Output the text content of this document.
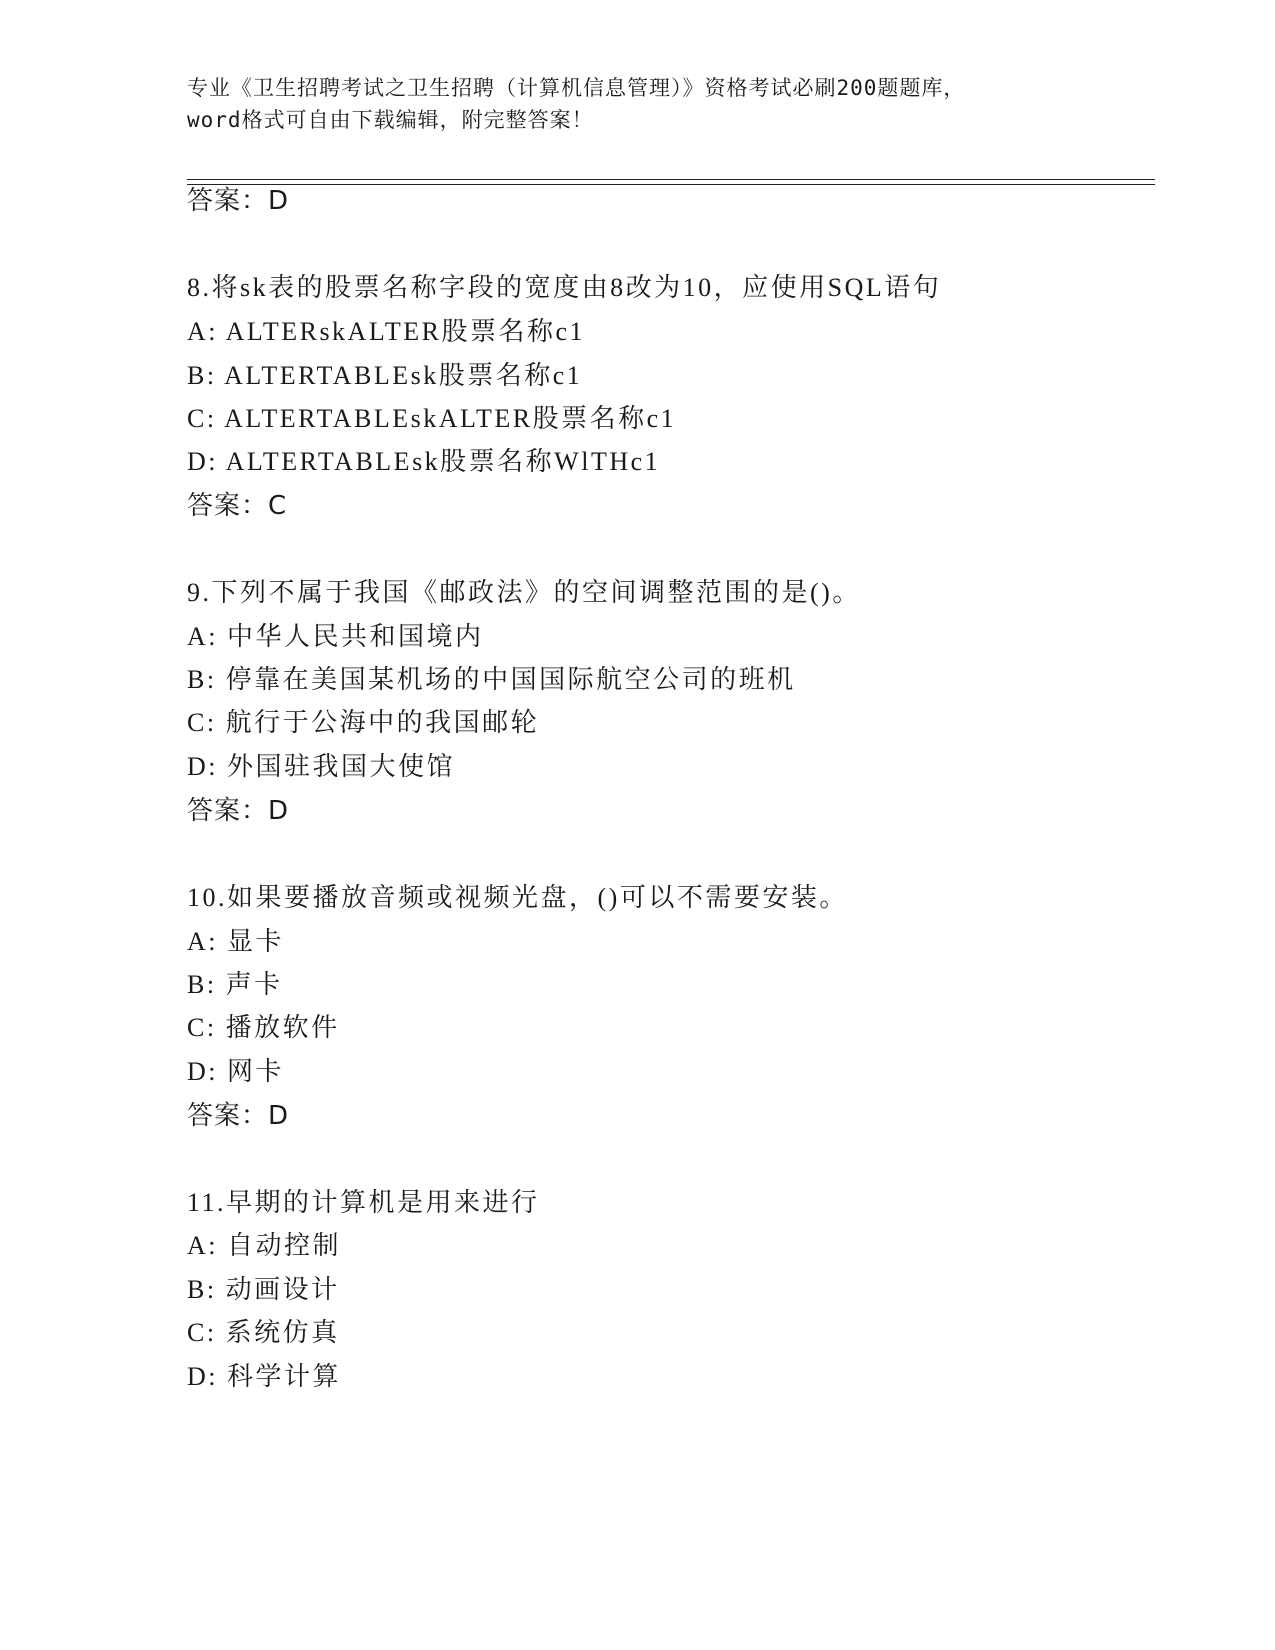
专业《卫生招聘考试之卫生招聘（计算机信息管理）》资格考试必刷200题题库，
word格式可自由下载编辑，附完整答案！
答案：D
8.将sk表的股票名称字段的宽度由8改为10，应使用SQL语句
A: ALTERskALTER股票名称c1
B: ALTERTABLEsk股票名称c1
C: ALTERTABLEskALTER股票名称c1
D: ALTERTABLEsk股票名称WlTHc1
答案：C
9.下列不属于我国《邮政法》的空间调整范围的是()。
A: 中华人民共和国境内
B: 停靠在美国某机场的中国国际航空公司的班机
C: 航行于公海中的我国邮轮
D: 外国驻我国大使馆
答案：D
10.如果要播放音频或视频光盘，()可以不需要安装。
A: 显卡
B: 声卡
C: 播放软件
D: 网卡
答案：D
11.早期的计算机是用来进行
A: 自动控制
B: 动画设计
C: 系统仿真
D: 科学计算
